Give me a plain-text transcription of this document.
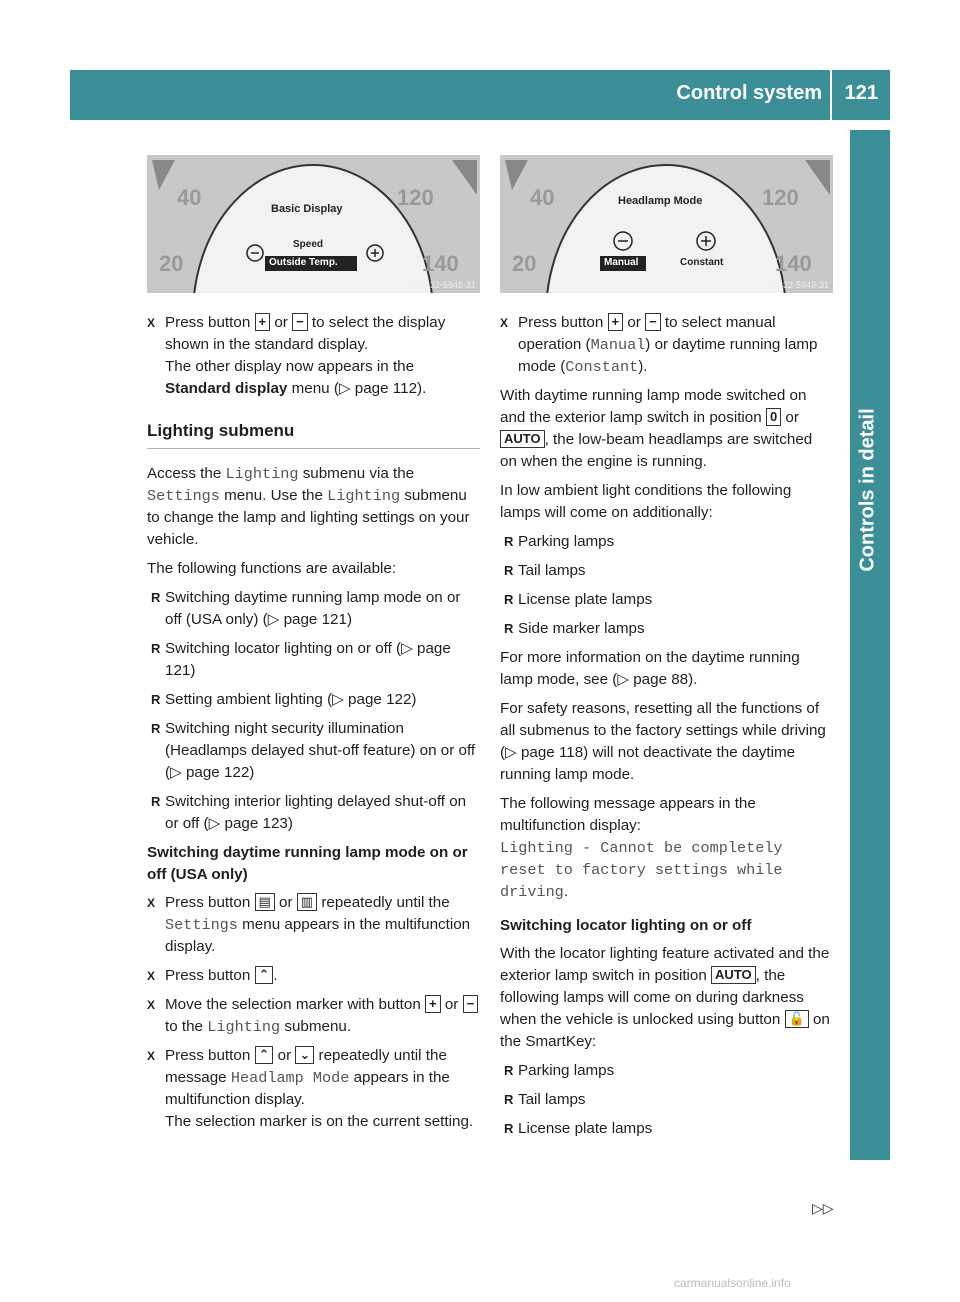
Control system 121
Controls in detail
40	120
20	140
Basic Display
Speed
Outside Temp.
P54.32-5948-31
40	120
20	140
Headlamp Mode
Manual	Constant
P54.32-5949-31
X Press button + or − to select the display shown in the standard display.
The other display now appears in the
Standard display menu (▷ page 112).
Lighting submenu

Access the Lighting submenu via the Settings menu. Use the Lighting submenu to change the lamp and lighting settings on your vehicle.

The following functions are available:

R Switching daytime running lamp mode on or off (USA only) (▷ page 121)
R Switching locator lighting on or off (▷ page 121)
R Setting ambient lighting (▷ page 122)
R Switching night security illumination (Headlamps delayed shut-off feature) on or off (▷ page 122)
R Switching interior lighting delayed shut-off on or off (▷ page 123)
Switching daytime running lamp mode on or off (USA only)
X Press button ▤ or ▥ repeatedly until the Settings menu appears in the multifunction display.
X Press button ⌃ .
X Move the selection marker with button + or − to the Lighting submenu.
X Press button ⌃ or ⌄ repeatedly until the message Headlamp Mode appears in the multifunction display.
The selection marker is on the current setting.
X Press button + or − to select manual operation (Manual) or daytime running lamp mode (Constant).

With daytime running lamp mode switched on and the exterior lamp switch in position 0 or AUTO , the low-beam headlamps are switched on when the engine is running.

In low ambient light conditions the following lamps will come on additionally:

R Parking lamps
R Tail lamps
R License plate lamps
R Side marker lamps

For more information on the daytime running lamp mode, see (▷ page 88).

For safety reasons, resetting all the functions of all submenus to the factory settings while driving (▷ page 118) will not deactivate the daytime running lamp mode.

The following message appears in the multifunction display:
Lighting - Cannot be completely reset to factory settings while driving.

Switching locator lighting on or off

With the locator lighting feature activated and the exterior lamp switch in position AUTO , the following lamps will come on during darkness when the vehicle is unlocked using button 🔓 on the SmartKey:

R Parking lamps
R Tail lamps
R License plate lamps
▷▷
carmanualsonline.info
